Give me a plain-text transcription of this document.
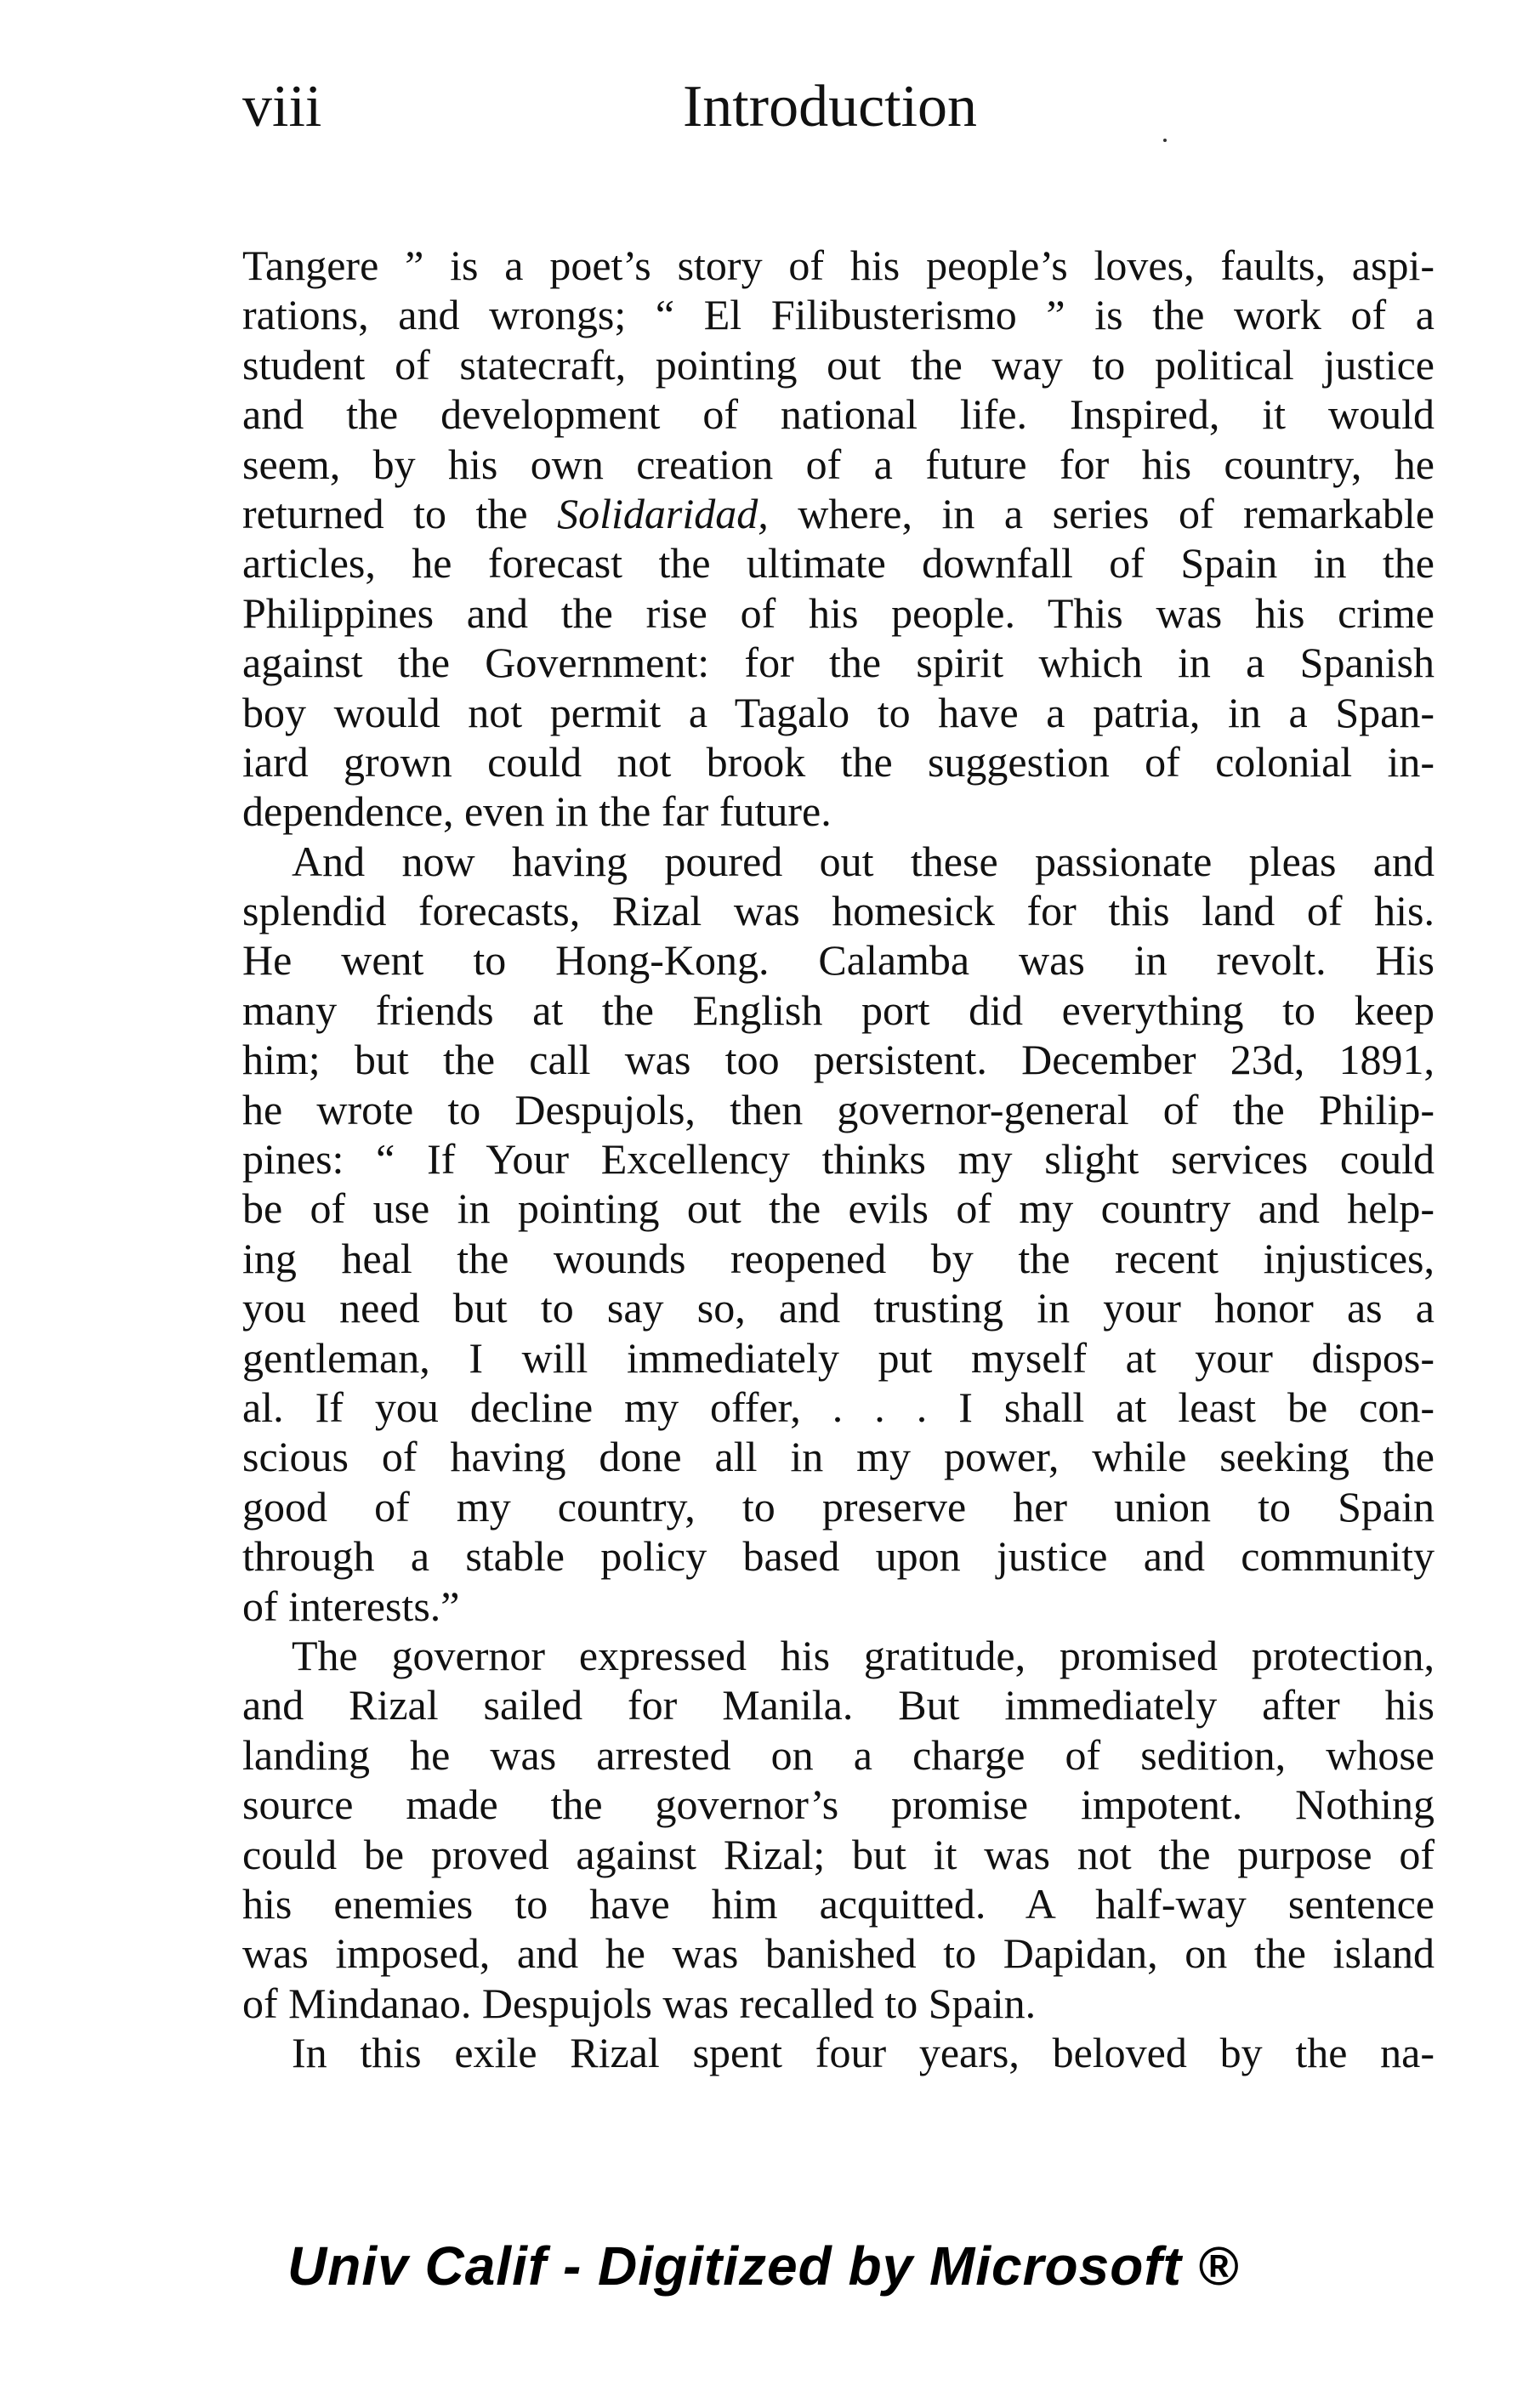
viii	Introduction
Tangere ” is a poet’s story of his people’s loves, faults, aspi-
rations, and wrongs; “ El Filibusterismo ” is the work of a
student of statecraft, pointing out the way to political justice
and the development of national life. Inspired, it would
seem, by his own creation of a future for his country, he
returned to the Solidaridad, where, in a series of remarkable
articles, he forecast the ultimate downfall of Spain in the
Philippines and the rise of his people. This was his crime
against the Government: for the spirit which in a Spanish
boy would not permit a Tagalo to have a patria, in a Span-
iard grown could not brook the suggestion of colonial in-
dependence, even in the far future.
And now having poured out these passionate pleas and
splendid forecasts, Rizal was homesick for this land of his.
He went to Hong-Kong. Calamba was in revolt. His
many friends at the English port did everything to keep
him; but the call was too persistent. December 23d, 1891,
he wrote to Despujols, then governor-general of the Philip-
pines: “ If Your Excellency thinks my slight services could
be of use in pointing out the evils of my country and help-
ing heal the wounds reopened by the recent injustices,
you need but to say so, and trusting in your honor as a
gentleman, I will immediately put myself at your dispos-
al. If you decline my offer, . . . I shall at least be con-
scious of having done all in my power, while seeking the
good of my country, to preserve her union to Spain
through a stable policy based upon justice and community
of interests.”
The governor expressed his gratitude, promised protection,
and Rizal sailed for Manila. But immediately after his
landing he was arrested on a charge of sedition, whose
source made the governor’s promise impotent. Nothing
could be proved against Rizal; but it was not the purpose of
his enemies to have him acquitted. A half-way sentence
was imposed, and he was banished to Dapidan, on the island
of Mindanao. Despujols was recalled to Spain.
In this exile Rizal spent four years, beloved by the na-
Univ Calif - Digitized by Microsoft ®
